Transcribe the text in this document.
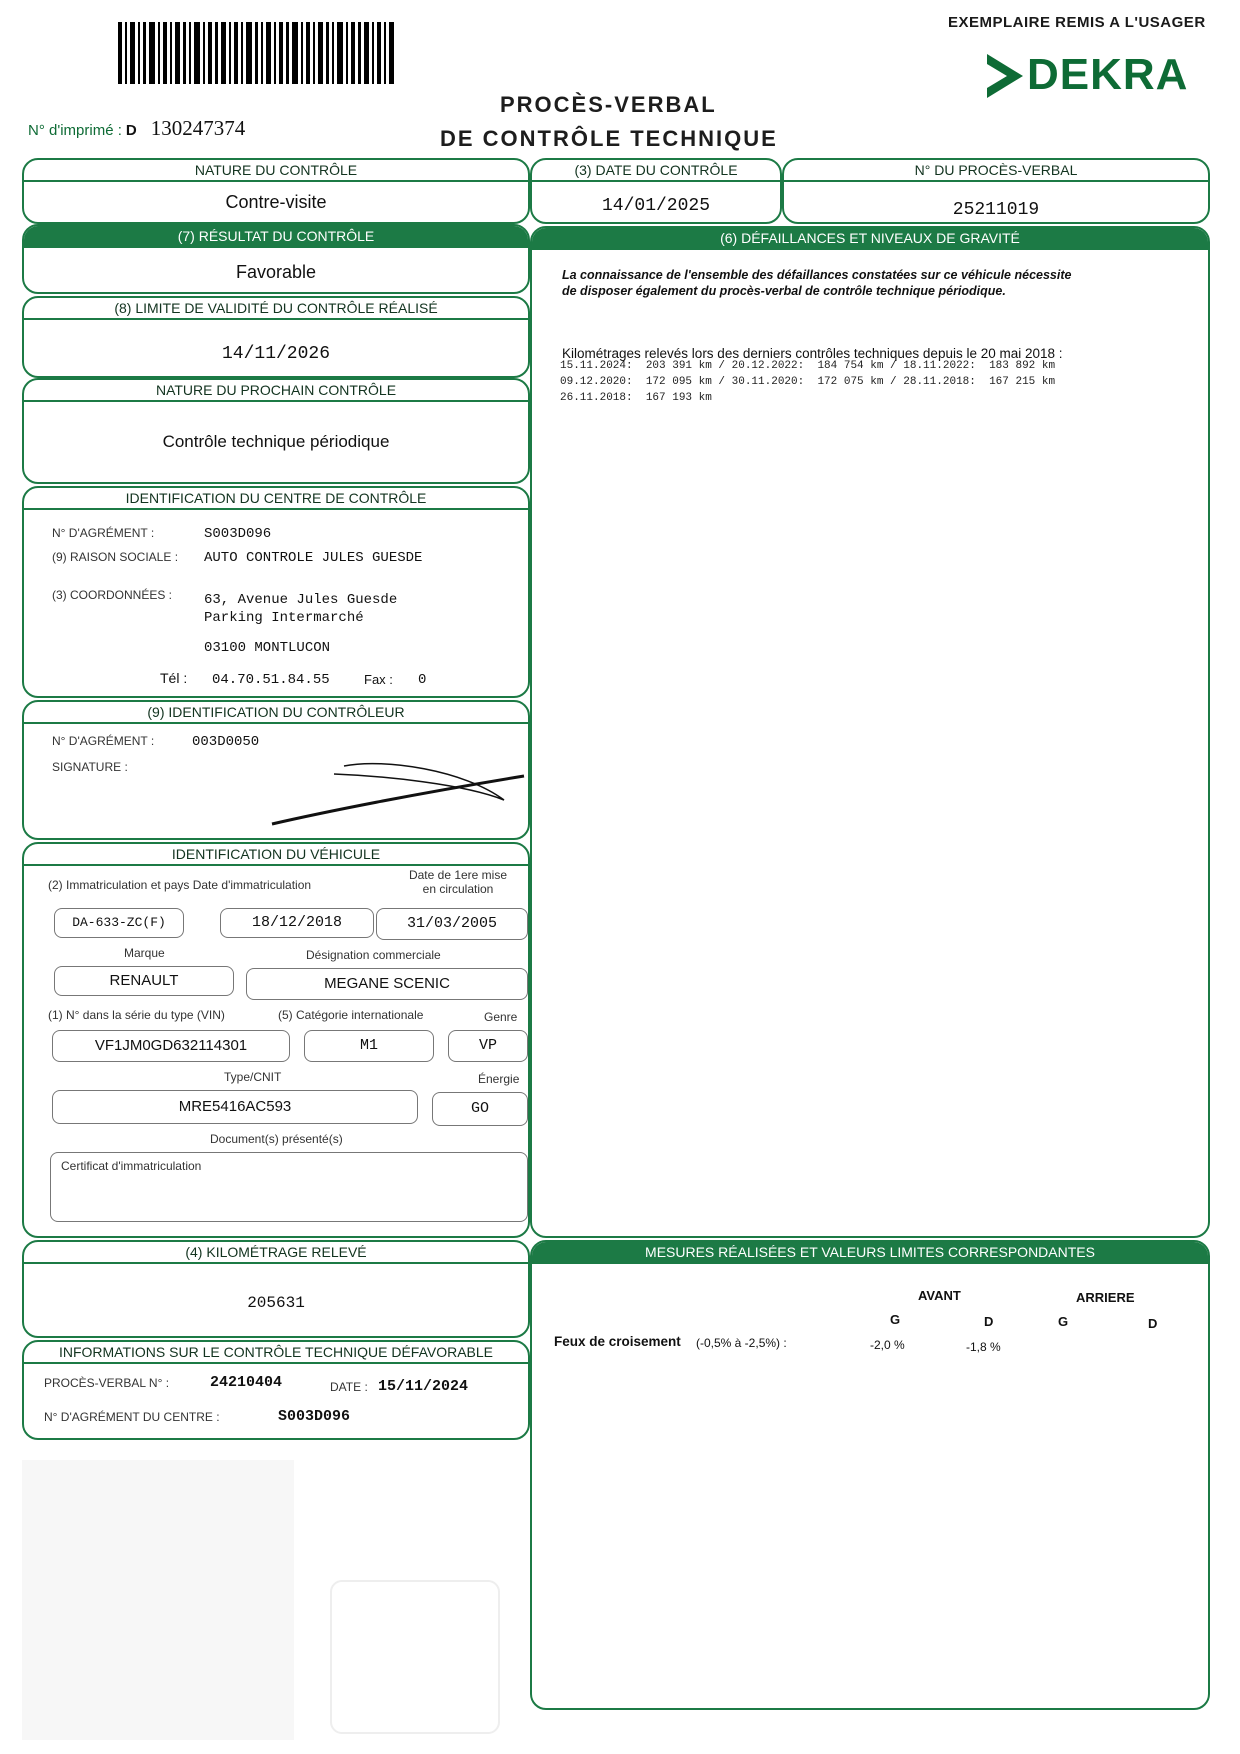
EXEMPLAIRE REMIS A L'USAGER
DEKRA
N° d'imprimé : D 130247374
PROCÈS-VERBAL
DE CONTRÔLE TECHNIQUE
NATURE DU CONTRÔLE
Contre-visite
(3) DATE DU CONTRÔLE
14/01/2025
N° DU PROCÈS-VERBAL
25211019
(7) RÉSULTAT DU CONTRÔLE
Favorable
(8) LIMITE DE VALIDITÉ DU CONTRÔLE RÉALISÉ
14/11/2026
NATURE DU PROCHAIN CONTRÔLE
Contrôle technique périodique
IDENTIFICATION DU CENTRE DE CONTRÔLE
N° D'AGRÉMENT :	S003D096
(9) RAISON SOCIALE : AUTO CONTROLE JULES GUESDE
(3) COORDONNÉES : 63, Avenue Jules Guesde
Parking Intermarché
03100 MONTLUCON
Tél : 04.70.51.84.55	Fax : 0
(9) IDENTIFICATION DU CONTRÔLEUR
N° D'AGRÉMENT :	003D0050
SIGNATURE :
IDENTIFICATION DU VÉHICULE
(2) Immatriculation et pays Date d'immatriculation
Date de 1ere mise
en circulation
DA-633-ZC(F)	18/12/2018	31/03/2005
Marque	Désignation commerciale
RENAULT	MEGANE SCENIC
(1) N° dans la série du type (VIN)	(5) Catégorie internationale	Genre
VF1JM0GD632114301	M1	VP
Type/CNIT	Énergie
MRE5416AC593	GO
Document(s) présenté(s)
Certificat d'immatriculation
(4) KILOMÉTRAGE RELEVÉ
205631
INFORMATIONS SUR LE CONTRÔLE TECHNIQUE DÉFAVORABLE
PROCÈS-VERBAL N° :	24210404	DATE : 15/11/2024
N° D'AGRÉMENT DU CENTRE :	S003D096
(6) DÉFAILLANCES ET NIVEAUX DE GRAVITÉ
La connaissance de l'ensemble des défaillances constatées sur ce véhicule nécessite
de disposer également du procès-verbal de contrôle technique périodique.
Kilométrages relevés lors des derniers contrôles techniques depuis le 20 mai 2018 :
15.11.2024:  203 391 km / 20.12.2022:  184 754 km / 18.11.2022:  183 892 km
09.12.2020:  172 095 km / 30.11.2020:  172 075 km / 28.11.2018:  167 215 km
26.11.2018:  167 193 km
MESURES RÉALISÉES ET VALEURS LIMITES CORRESPONDANTES
AVANT	ARRIERE
G	D	G	D
Feux de croisement (-0,5% à -2,5%) :	-2,0 %	-1,8 %
